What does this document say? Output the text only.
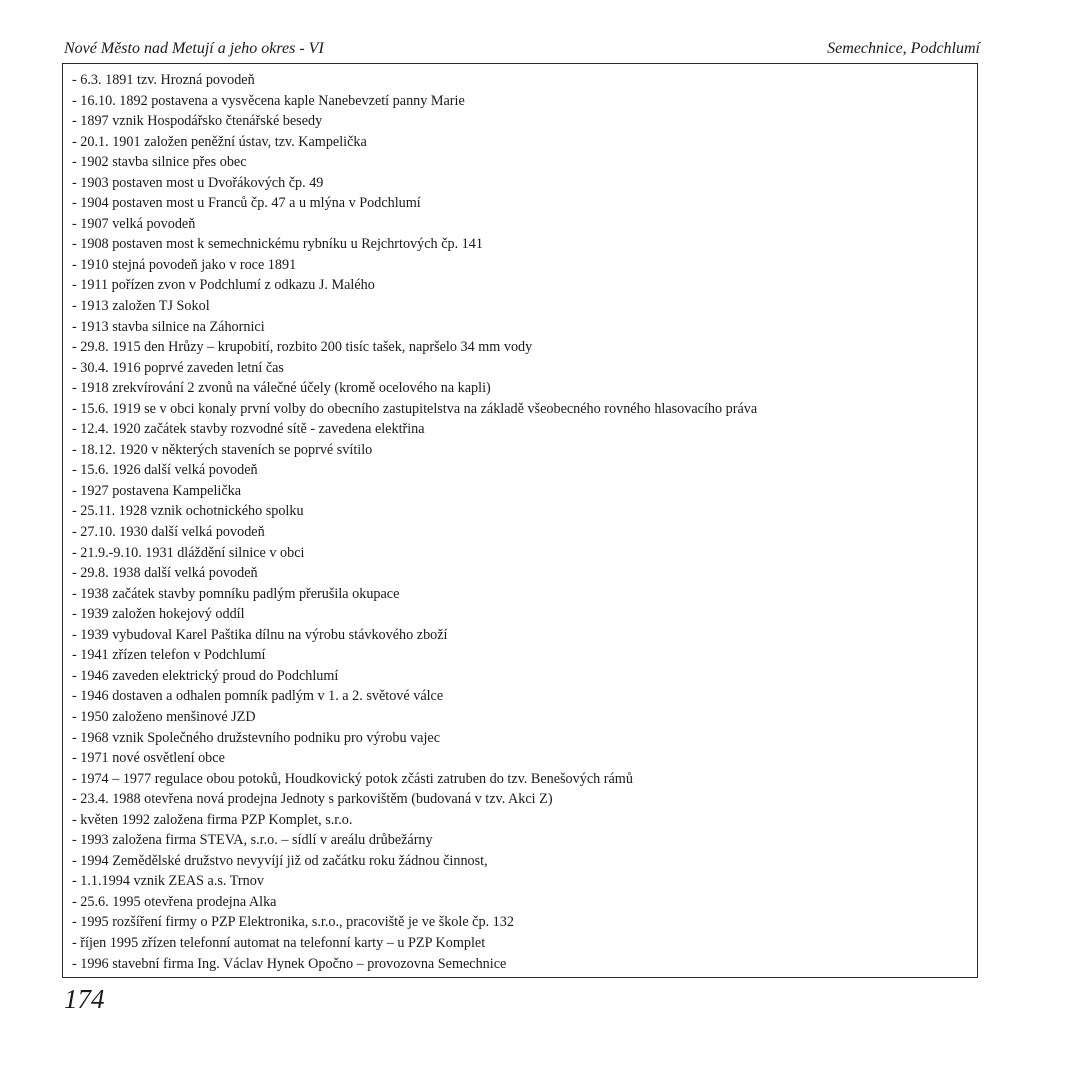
Nové Město nad Metují a jeho okres - VI	Semechnice, Podchlumí
- 6.3. 1891 tzv. Hrozná povodeň
- 16.10. 1892 postavena a vysvěcena kaple Nanebevzetí panny Marie
- 1897 vznik Hospodářsko čtenářské besedy
- 20.1. 1901 založen peněžní ústav, tzv. Kampelička
- 1902 stavba silnice přes obec
- 1903 postaven most u Dvořákových čp. 49
- 1904 postaven most u Franců čp. 47 a u mlýna v Podchlumí
- 1907 velká povodeň
- 1908 postaven most k semechnickému rybníku u Rejchrtových čp. 141
- 1910 stejná povodeň jako v roce 1891
- 1911 pořízen zvon v Podchlumí z odkazu J. Malého
- 1913 založen TJ Sokol
- 1913 stavba silnice na Záhornici
- 29.8. 1915 den Hrůzy – krupobití, rozbito 200 tisíc tašek, napršelo 34 mm vody
- 30.4. 1916 poprvé zaveden letní čas
- 1918 zrekvírování 2 zvonů na válečné účely (kromě ocelového na kapli)
- 15.6. 1919 se v obci konaly první volby do obecního zastupitelstva na základě všeobecného rovného hlasovacího práva
- 12.4. 1920 začátek stavby rozvodné sítě - zavedena elektřina
- 18.12. 1920 v některých staveních se poprvé svítilo
- 15.6. 1926 další velká povodeň
- 1927 postavena Kampelička
- 25.11. 1928 vznik ochotnického spolku
- 27.10. 1930 další velká povodeň
- 21.9.-9.10. 1931 dláždění silnice v obci
- 29.8. 1938 další velká povodeň
- 1938 začátek stavby pomníku padlým přerušila okupace
- 1939 založen hokejový oddíl
- 1939 vybudoval Karel Paštika dílnu na výrobu stávkového zboží
- 1941 zřízen telefon v Podchlumí
- 1946 zaveden elektrický proud do Podchlumí
- 1946 dostaven a odhalen pomník padlým v 1. a 2. světové válce
- 1950 založeno menšinové JZD
- 1968 vznik Společného družstevního podniku pro výrobu vajec
- 1971 nové osvětlení obce
- 1974 – 1977 regulace obou potoků, Houdkovický potok zčásti zatruben do tzv. Benešových rámů
- 23.4. 1988 otevřena nová prodejna Jednoty s parkovištěm (budovaná v tzv. Akci Z)
- květen 1992 založena firma PZP Komplet, s.r.o.
- 1993 založena firma STEVA, s.r.o. – sídlí v areálu drůbežárny
- 1994 Zemědělské družstvo nevyvíjí již od začátku roku žádnou činnost,
- 1.1.1994 vznik ZEAS a.s. Trnov
- 25.6. 1995 otevřena prodejna Alka
- 1995 rozšíření firmy o PZP Elektronika, s.r.o., pracoviště je ve škole čp. 132
- říjen 1995 zřízen telefonní automat na telefonní karty – u PZP Komplet
- 1996 stavební firma Ing. Václav Hynek Opočno – provozovna Semechnice
174
